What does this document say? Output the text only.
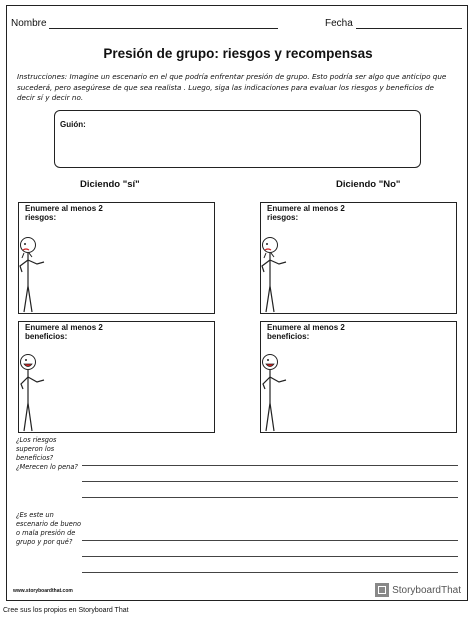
Nombre	Fecha
Presión de grupo: riesgos y recompensas
Instrucciones: Imagine un escenario en el que podría enfrentar presión de grupo. Esto podría ser algo que anticipo que sucederá, pero asegúrese de que sea realista . Luego, siga las indicaciones para evaluar los riesgos y beneficios de decir sí y decir no.
Guión:
Diciendo "sí"	Diciendo "No"
Enumere al menos 2 riesgos:
Enumere al menos 2 riesgos:
Enumere al menos 2 beneficios:
Enumere al menos 2 beneficios:
¿Los riesgos superon los beneficios? ¿Merecen lo pena?
¿Es este un escenario de bueno o mala presión de grupo y por qué?
www.storyboardthat.com	StoryboardThat
Cree sus los propios en Storyboard That
